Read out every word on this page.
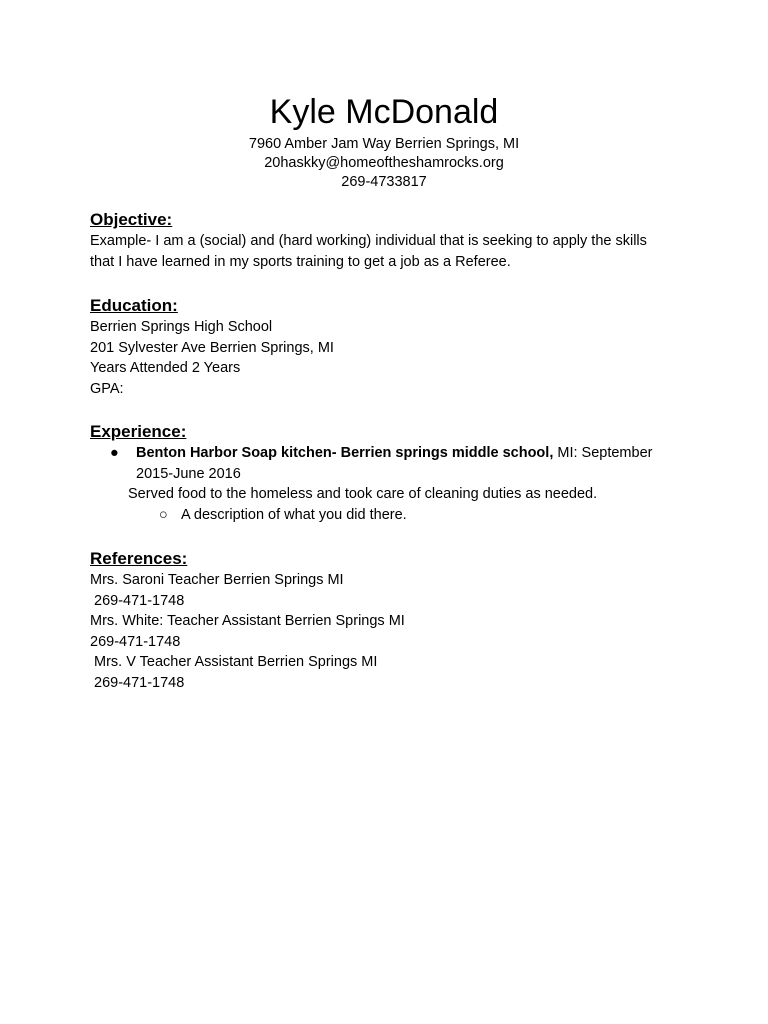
Kyle McDonald
7960 Amber Jam Way Berrien Springs, MI
20haskky@homeoftheshamrocks.org
269-4733817
Objective:
Example- I am a (social) and (hard working) individual that is seeking to apply the skills
that I have learned in my sports training to get a job as a Referee.
Education:
Berrien Springs High School
201 Sylvester Ave Berrien Springs, MI
Years Attended 2 Years
GPA:
Experience:
● Benton Harbor Soap kitchen- Berrien springs middle school, MI: September
2015-June 2016
Served food to the homeless and took care of cleaning duties as needed.
○ A description of what you did there.
References:
Mrs. Saroni Teacher Berrien Springs MI
269-471-1748
Mrs. White: Teacher Assistant Berrien Springs MI
269-471-1748
Mrs. V Teacher Assistant Berrien Springs MI
269-471-1748
